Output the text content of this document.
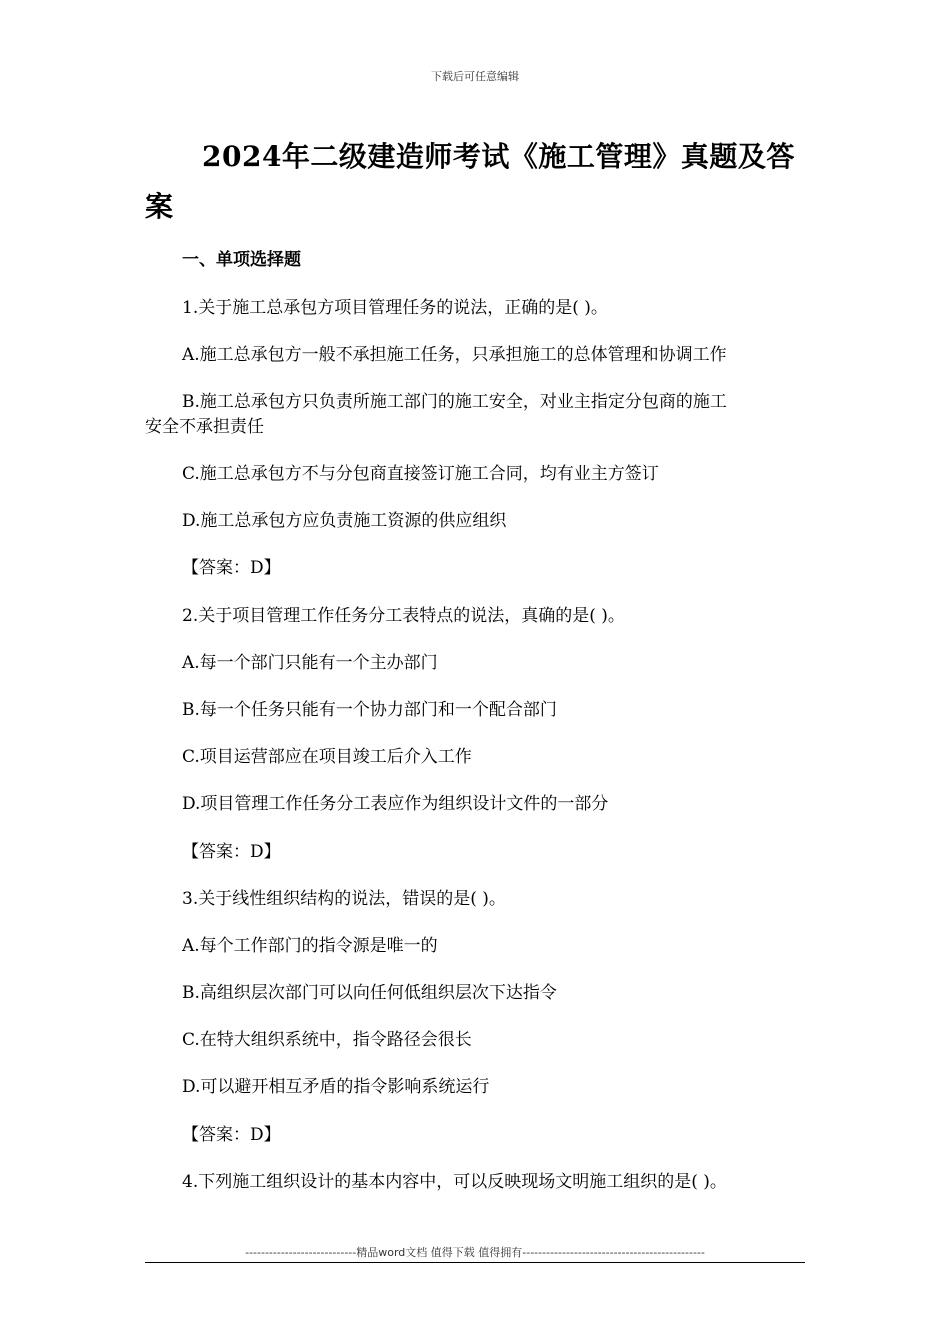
下载后可任意编辑
2024年二级建造师考试《施工管理》真题及答案
一、单项选择题
1.关于施工总承包方项目管理任务的说法，正确的是( )。
A.施工总承包方一般不承担施工任务，只承担施工的总体管理和协调工作
B.施工总承包方只负责所施工部门的施工安全，对业主指定分包商的施工
安全不承担责任
C.施工总承包方不与分包商直接签订施工合同，均有业主方签订
D.施工总承包方应负责施工资源的供应组织
【答案：D】
2.关于项目管理工作任务分工表特点的说法，真确的是( )。
A.每一个部门只能有一个主办部门
B.每一个任务只能有一个协力部门和一个配合部门
C.项目运营部应在项目竣工后介入工作
D.项目管理工作任务分工表应作为组织设计文件的一部分
【答案：D】
3.关于线性组织结构的说法，错误的是( )。
A.每个工作部门的指令源是唯一的
B.高组织层次部门可以向任何低组织层次下达指令
C.在特大组织系统中，指令路径会很长
D.可以避开相互矛盾的指令影响系统运行
【答案：D】
4.下列施工组织设计的基本内容中，可以反映现场文明施工组织的是( )。
----------------------------精品word文档 值得下载 值得拥有----------------------------------------------
